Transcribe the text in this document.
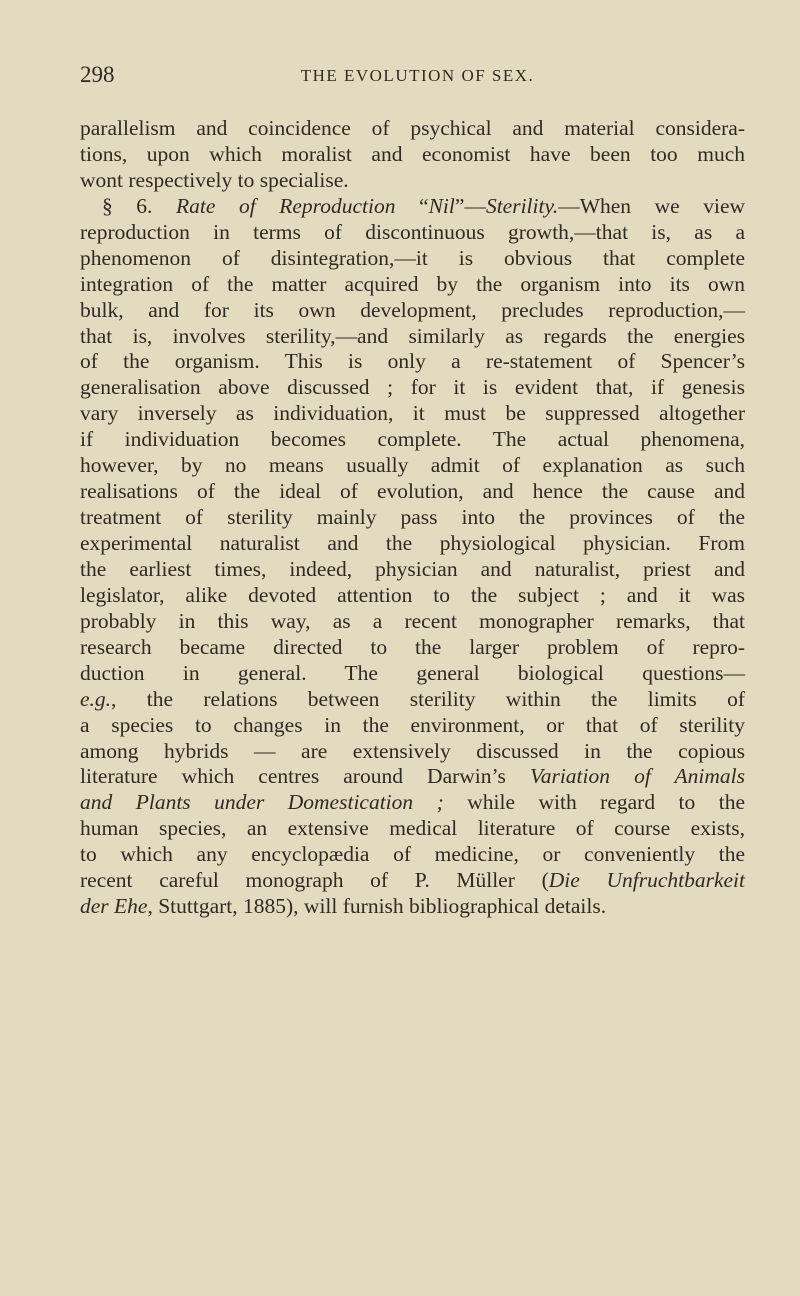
298	THE EVOLUTION OF SEX.
parallelism and coincidence of psychical and material considera-
tions, upon which moralist and economist have been too much
wont respectively to specialise.
§ 6. Rate of Reproduction “Nil”—Sterility.—When we view
reproduction in terms of discontinuous growth,—that is, as a
phenomenon of disintegration,—it is obvious that complete
integration of the matter acquired by the organism into its own
bulk, and for its own development, precludes reproduction,—
that is, involves sterility,—and similarly as regards the energies
of the organism. This is only a re-statement of Spencer’s
generalisation above discussed ; for it is evident that, if genesis
vary inversely as individuation, it must be suppressed altogether
if individuation becomes complete. The actual phenomena,
however, by no means usually admit of explanation as such
realisations of the ideal of evolution, and hence the cause and
treatment of sterility mainly pass into the provinces of the
experimental naturalist and the physiological physician. From
the earliest times, indeed, physician and naturalist, priest and
legislator, alike devoted attention to the subject ; and it was
probably in this way, as a recent monographer remarks, that
research became directed to the larger problem of repro-
duction in general. The general biological questions—
e.g., the relations between sterility within the limits of
a species to changes in the environment, or that of sterility
among hybrids — are extensively discussed in the copious
literature which centres around Darwin’s Variation of Animals
and Plants under Domestication ; while with regard to the
human species, an extensive medical literature of course exists,
to which any encyclopædia of medicine, or conveniently the
recent careful monograph of P. Müller (Die Unfruchtbarkeit
der Ehe, Stuttgart, 1885), will furnish bibliographical details.
